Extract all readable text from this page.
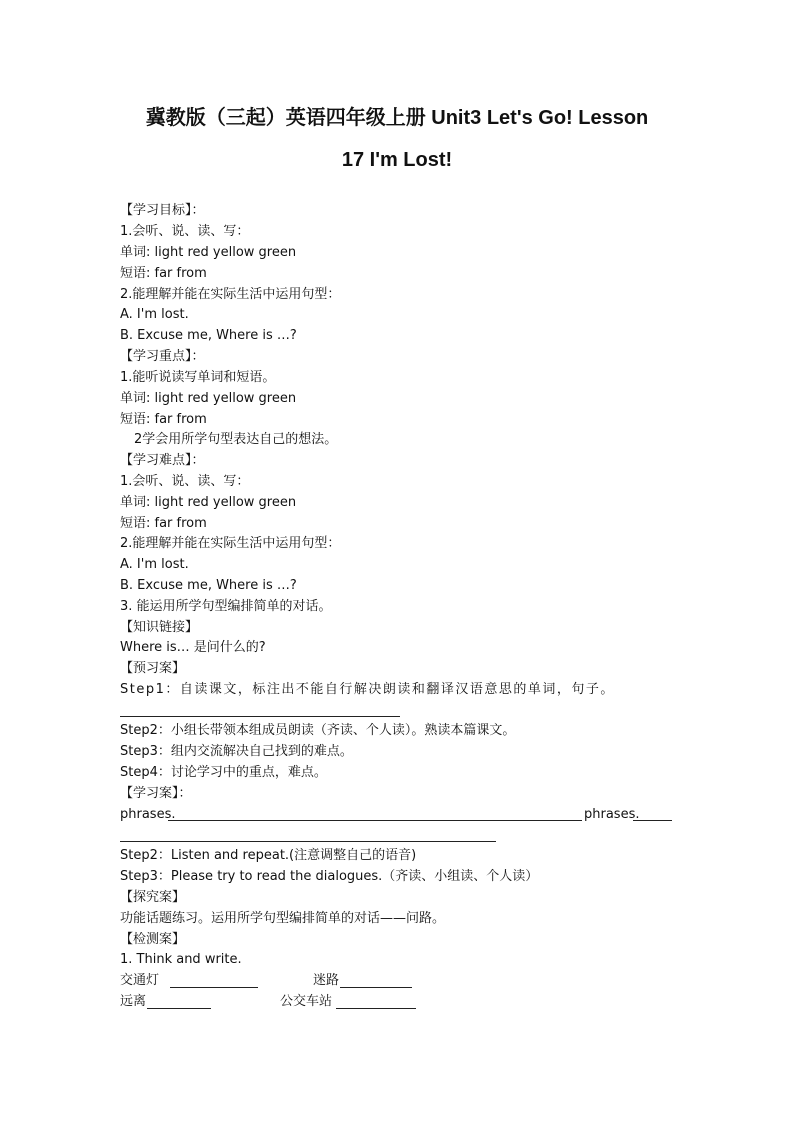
冀教版（三起）英语四年级上册 Unit3 Let's Go! Lesson
17 I'm Lost!
【学习目标】：
1.会听、说、读、写：
单词: light red yellow green
短语: far from
2.能理解并能在实际生活中运用句型：
A. I'm lost.
B. Excuse me, Where is …?
【学习重点】：
1.能听说读写单词和短语。
单词: light red yellow green
短语: far from
2学会用所学句型表达自己的想法。
【学习难点】：
1.会听、说、读、写：
单词: light red yellow green
短语: far from
2.能理解并能在实际生活中运用句型：
A. I'm lost.
B. Excuse me, Where is …?
3. 能运用所学句型编排简单的对话。
【知识链接】
Where is… 是问什么的?
【预习案】
Step1：自读课文，标注出不能自行解决朗读和翻译汉语意思的单词，句子。
Step2：小组长带领本组成员朗读（齐读、个人读）。熟读本篇课文。
Step3：组内交流解决自己找到的难点。
Step4：讨论学习中的重点，难点。
【学习案】：
phrases.	phrases.
Step2：Listen and repeat.(注意调整自己的语音)
Step3：Please try to read the dialogues.（齐读、小组读、个人读）
【探究案】
功能话题练习。运用所学句型编排简单的对话——问路。
【检测案】
1. Think and write.
交通灯	迷路
远离	公交车站
